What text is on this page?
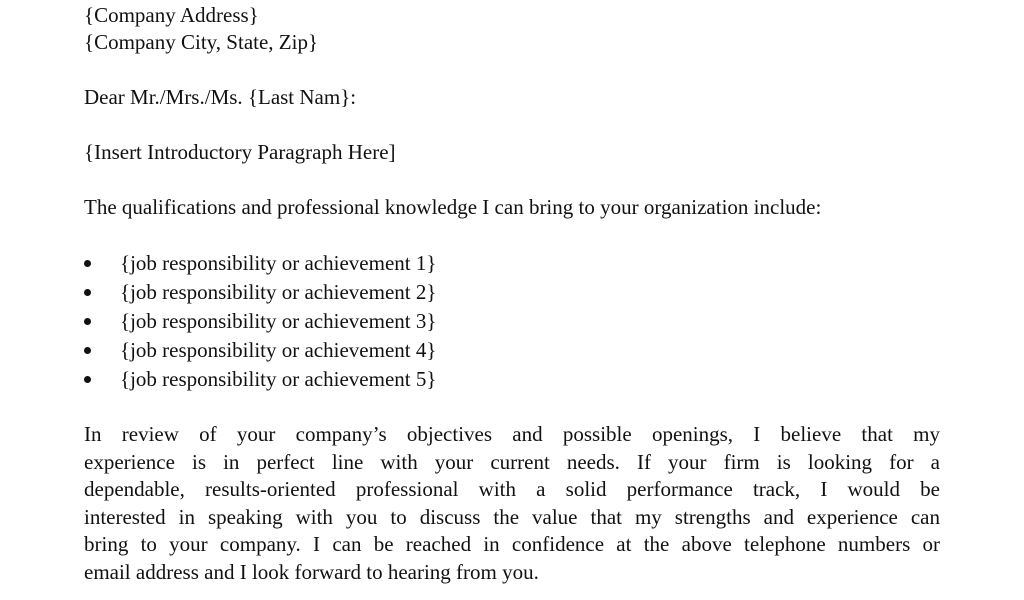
{Company Address}
{Company City, State, Zip}
Dear Mr./Mrs./Ms. {Last Nam}:
{Insert Introductory Paragraph Here]
The qualifications and professional knowledge I can bring to your organization include:
{job responsibility or achievement 1}
{job responsibility or achievement 2}
{job responsibility or achievement 3}
{job responsibility or achievement 4}
{job responsibility or achievement 5}

In review of your company’s objectives and possible openings, I believe that my
experience is in perfect line with your current needs. If your firm is looking for a
dependable, results-oriented professional with a solid performance track, I would be
interested in speaking with you to discuss the value that my strengths and experience can
bring to your company. I can be reached in confidence at the above telephone numbers or
email address and I look forward to hearing from you.
